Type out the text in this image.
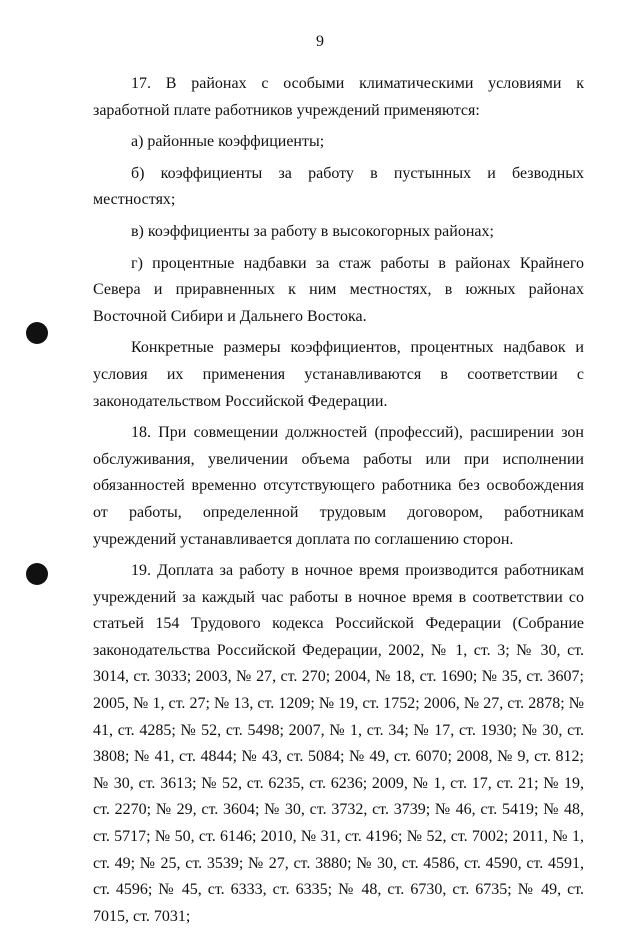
9

17. В районах с особыми климатическими условиями к заработной плате работников учреждений применяются:

а) районные коэффициенты;

б) коэффициенты за работу в пустынных и безводных местностях;

в) коэффициенты за работу в высокогорных районах;

г) процентные надбавки за стаж работы в районах Крайнего Севера и приравненных к ним местностях, в южных районах Восточной Сибири и Дальнего Востока.

Конкретные размеры коэффициентов, процентных надбавок и условия их применения устанавливаются в соответствии с законодательством Российской Федерации.

18. При совмещении должностей (профессий), расширении зон обслуживания, увеличении объема работы или при исполнении обязанностей временно отсутствующего работника без освобождения от работы, определенной трудовым договором, работникам учреждений устанавливается доплата по соглашению сторон.

19. Доплата за работу в ночное время производится работникам учреждений за каждый час работы в ночное время в соответствии со статьей 154 Трудового кодекса Российской Федерации (Собрание законодательства Российской Федерации, 2002, № 1, ст. 3; № 30, ст. 3014, ст. 3033; 2003, № 27, ст. 270; 2004, № 18, ст. 1690; № 35, ст. 3607; 2005, № 1, ст. 27; № 13, ст. 1209; № 19, ст. 1752; 2006, № 27, ст. 2878; № 41, ст. 4285; № 52, ст. 5498; 2007, № 1, ст. 34; № 17, ст. 1930; № 30, ст. 3808; № 41, ст. 4844; № 43, ст. 5084; № 49, ст. 6070; 2008, № 9, ст. 812; № 30, ст. 3613; № 52, ст. 6235, ст. 6236; 2009, № 1, ст. 17, ст. 21; № 19, ст. 2270; № 29, ст. 3604; № 30, ст. 3732, ст. 3739; № 46, ст. 5419; № 48, ст. 5717; № 50, ст. 6146; 2010, № 31, ст. 4196; № 52, ст. 7002; 2011, № 1, ст. 49; № 25, ст. 3539; № 27, ст. 3880; № 30, ст. 4586, ст. 4590, ст. 4591, ст. 4596; № 45, ст. 6333, ст. 6335; № 48, ст. 6730, ст. 6735; № 49, ст. 7015, ст. 7031;
